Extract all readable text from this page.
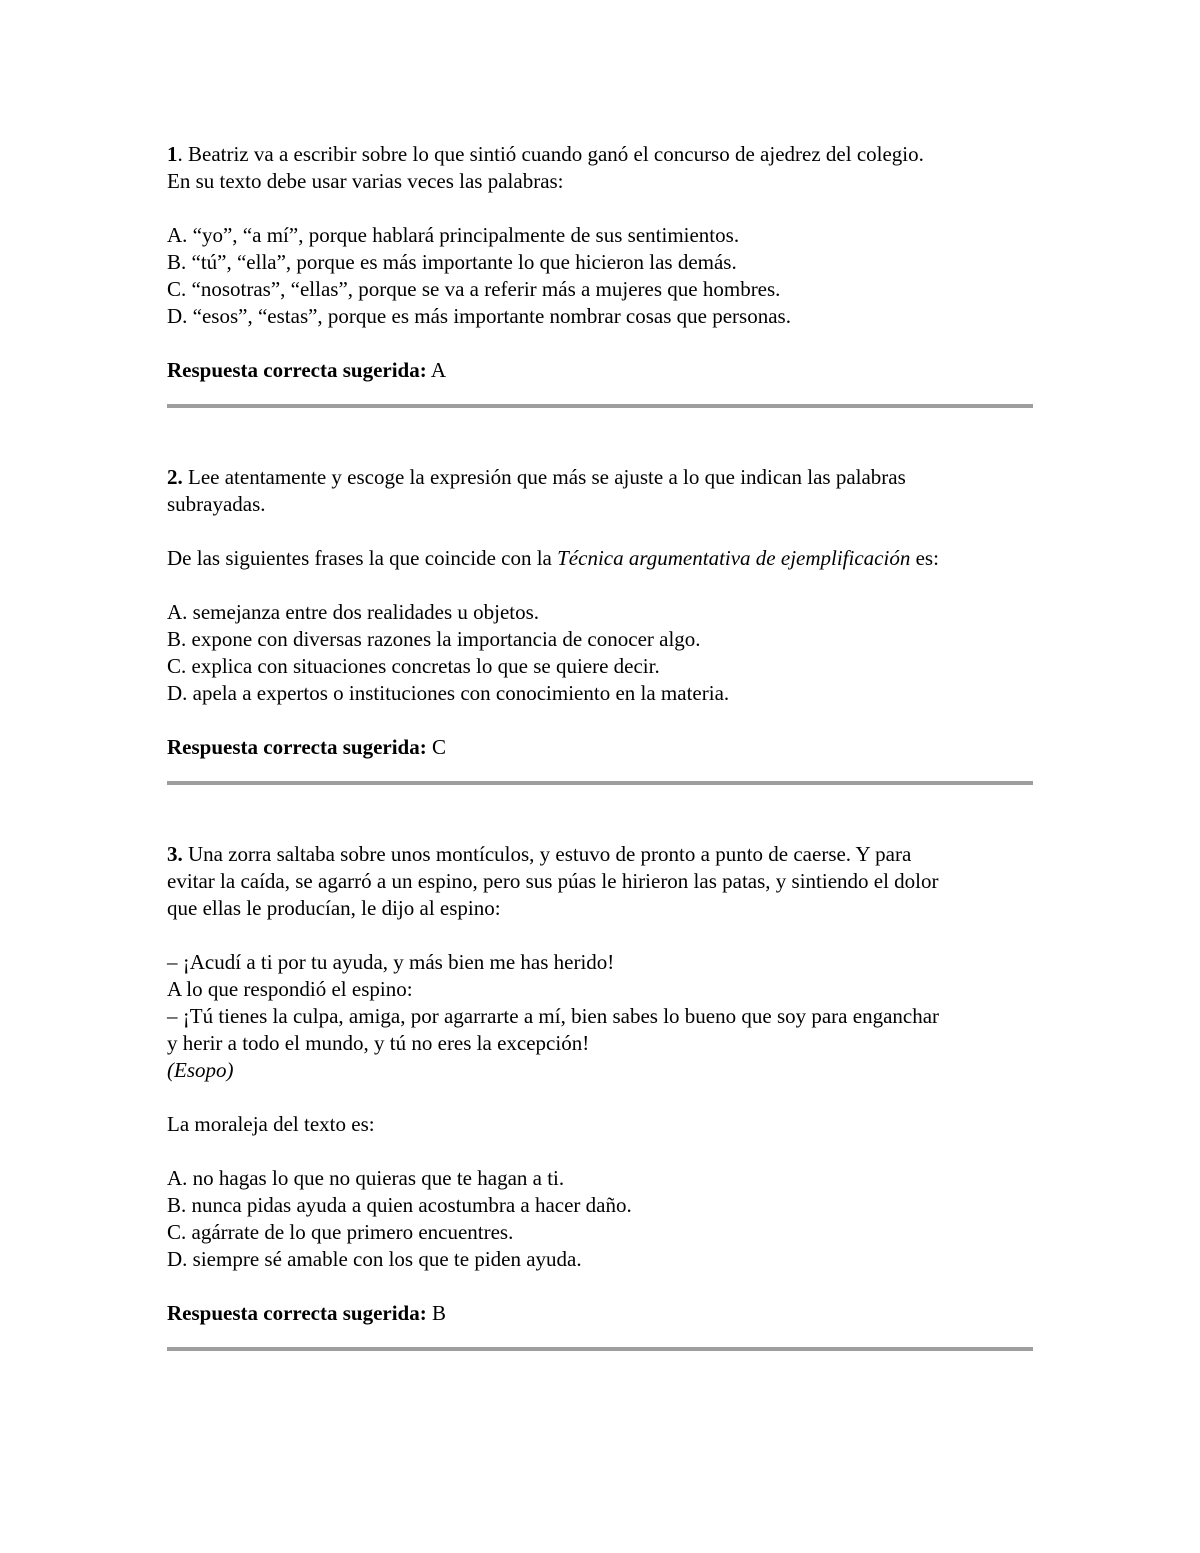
1. Beatriz va a escribir sobre lo que sintió cuando ganó el concurso de ajedrez del colegio.

En su texto debe usar varias veces las palabras:

A. “yo”, “a mí”, porque hablará principalmente de sus sentimientos.

B. “tú”, “ella”, porque es más importante lo que hicieron las demás.

C. “nosotras”, “ellas”, porque se va a referir más a mujeres que hombres.

D. “esos”, “estas”, porque es más importante nombrar cosas que personas.

Respuesta correcta sugerida: A

2. Lee atentamente y escoge la expresión que más se ajuste a lo que indican las palabras

subrayadas.

De las siguientes frases la que coincide con la Técnica argumentativa de ejemplificación es:

A. semejanza entre dos realidades u objetos.

B. expone con diversas razones la importancia de conocer algo.

C. explica con situaciones concretas lo que se quiere decir.

D. apela a expertos o instituciones con conocimiento en la materia.

Respuesta correcta sugerida: C

3. Una zorra saltaba sobre unos montículos, y estuvo de pronto a punto de caerse. Y para

evitar la caída, se agarró a un espino, pero sus púas le hirieron las patas, y sintiendo el dolor

que ellas le producían, le dijo al espino:

– ¡Acudí a ti por tu ayuda, y más bien me has herido!

A lo que respondió el espino:

– ¡Tú tienes la culpa, amiga, por agarrarte a mí, bien sabes lo bueno que soy para enganchar

y herir a todo el mundo, y tú no eres la excepción!

(Esopo)

La moraleja del texto es:

A. no hagas lo que no quieras que te hagan a ti.

B. nunca pidas ayuda a quien acostumbra a hacer daño.

C. agárrate de lo que primero encuentres.

D. siempre sé amable con los que te piden ayuda.

Respuesta correcta sugerida: B
